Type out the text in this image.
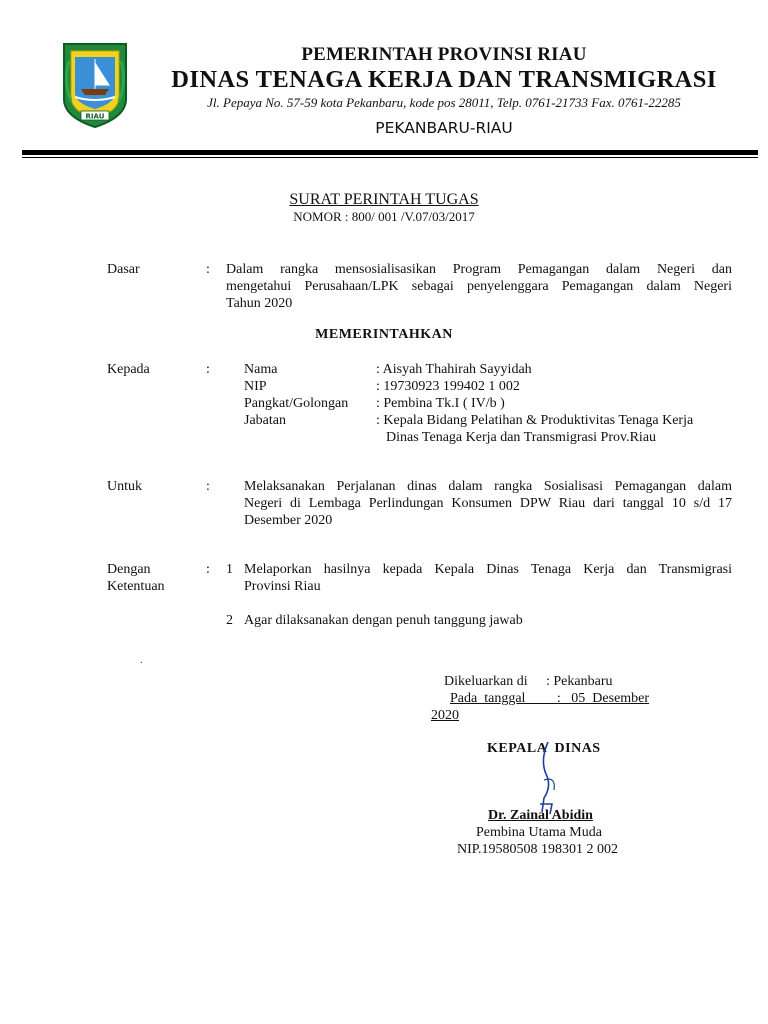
RIAU
PEMERINTAH PROVINSI RIAU
DINAS TENAGA KERJA DAN TRANSMIGRASI
Jl. Pepaya No. 57-59 kota Pekanbaru, kode pos 28011, Telp. 0761-21733 Fax. 0761-22285
PEKANBARU-RIAU
SURAT PERINTAH TUGAS
NOMOR : 800/ 001 /V.07/03/2017
Dasar	: Dalam rangka mensosialisasikan Program Pemagangan dalam Negeri dan
mengetahui Perusahaan/LPK sebagai penyelenggara Pemagangan dalam Negeri
Tahun 2020
MEMERINTAHKAN
Kepada	: Nama	: Aisyah Thahirah Sayyidah
NIP	: 19730923 199402 1 002
Pangkat/Golongan : Pembina Tk.I ( IV/b )
Jabatan	: Kepala Bidang Pelatihan & Produktivitas Tenaga Kerja
Dinas Tenaga Kerja dan Transmigrasi Prov.Riau
Untuk	: Melaksanakan Perjalanan dinas dalam rangka Sosialisasi Pemagangan dalam
Negeri di Lembaga Perlindungan Konsumen DPW Riau dari tanggal 10 s/d 17
Desember 2020
Dengan
Ketentuan
: 1 Melaporkan hasilnya kepada Kepala Dinas Tenaga Kerja dan Transmigrasi
Provinsi Riau
2 Agar dilaksanakan dengan penuh tanggung jawab
.
Dikeluarkan di : Pekanbaru
Pada  tanggal         :   05  Desember
2020
KEPALA  DINAS
Dr. Zainal Abidin
Pembina Utama Muda
NIP.19580508 198301 2 002
